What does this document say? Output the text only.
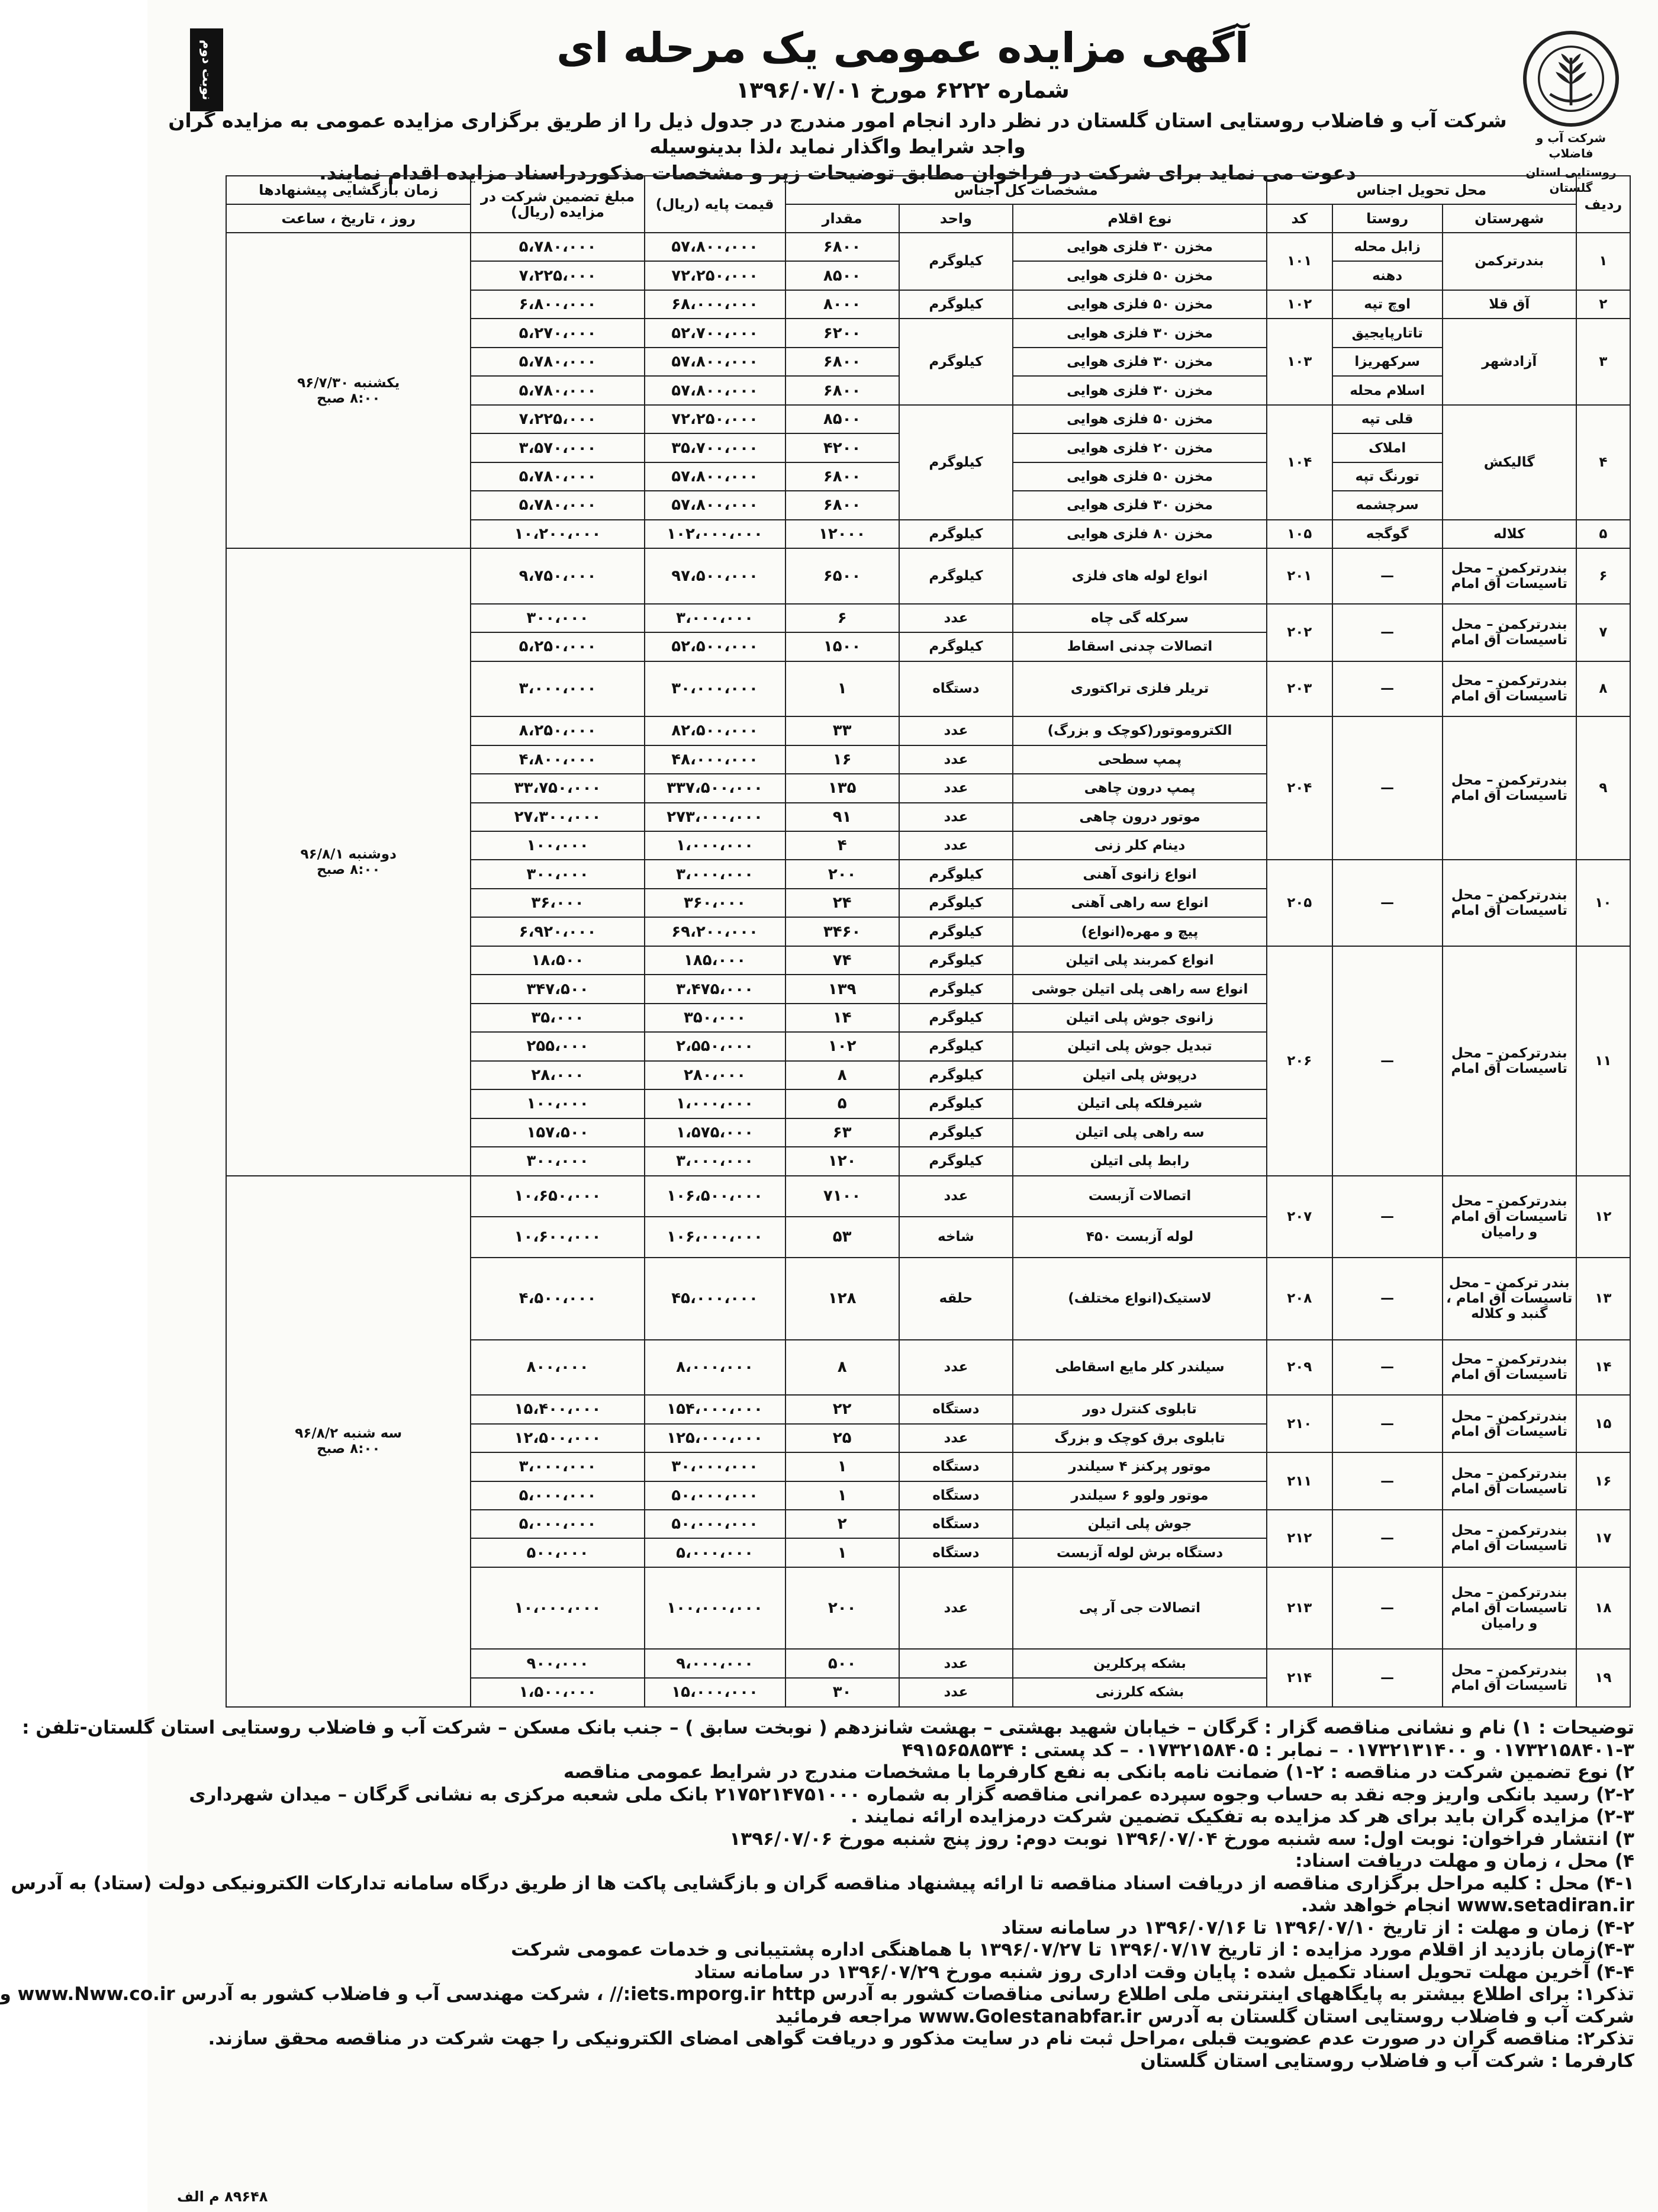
نوبت دوم
شرکت آب و فاضلاب
روستایی استان گلستان
آگهی مزایده عمومی یک مرحله ای
شماره ۶۲۲۲ مورخ ۱۳۹۶/۰۷/۰۱
شرکت آب و فاضلاب روستایی استان گلستان در نظر دارد انجام امور مندرج در جدول ذیل را از طریق برگزاری مزایده عمومی به مزایده گران واجد شرایط واگذار نماید ،لذا بدینوسیله
دعوت می نماید برای شرکت در فراخوان مطابق توضیحات زیر و مشخصات مذکوردراسناد مزایده اقدام نمایند.
ردیف	محل تحویل اجناس			مشخصات کل اجناس			قیمت پایه (ریال)	مبلغ تضمین شرکت در مزایده (ریال)	زمان بازگشایی پیشنهادها
	شهرستان	روستا	کد	نوع اقلام	واحد	مقدار			روز ، تاریخ ، ساعت
۱	بندرترکمن	زابل محله	۱۰۱	مخزن ۳۰ فلزی هوایی	کیلوگرم	۶۸۰۰	۵۷،۸۰۰،۰۰۰	۵،۷۸۰،۰۰۰	یکشنبه ۹۶/۷/۳۰
۸:۰۰ صبح

		دهنه		مخزن ۵۰ فلزی هوایی		۸۵۰۰	۷۲،۲۵۰،۰۰۰	۷،۲۲۵،۰۰۰	
۲	آق قلا	اوچ تپه	۱۰۲	مخزن ۵۰ فلزی هوایی	کیلوگرم	۸۰۰۰	۶۸،۰۰۰،۰۰۰	۶،۸۰۰،۰۰۰	
۳	آزادشهر	تاتارپایجیق	۱۰۳	مخزن ۳۰ فلزی هوایی	کیلوگرم	۶۲۰۰	۵۲،۷۰۰،۰۰۰	۵،۲۷۰،۰۰۰	
		سرکهریزا		مخزن ۳۰ فلزی هوایی		۶۸۰۰	۵۷،۸۰۰،۰۰۰	۵،۷۸۰،۰۰۰	
		اسلام محله		مخزن ۳۰ فلزی هوایی		۶۸۰۰	۵۷،۸۰۰،۰۰۰	۵،۷۸۰،۰۰۰	
۴	گالیکش	قلی تپه	۱۰۴	مخزن ۵۰ فلزی هوایی	کیلوگرم	۸۵۰۰	۷۲،۲۵۰،۰۰۰	۷،۲۲۵،۰۰۰	
		املاک		مخزن ۲۰ فلزی هوایی		۴۲۰۰	۳۵،۷۰۰،۰۰۰	۳،۵۷۰،۰۰۰	
		تورنگ تپه		مخزن ۵۰ فلزی هوایی		۶۸۰۰	۵۷،۸۰۰،۰۰۰	۵،۷۸۰،۰۰۰	
		سرچشمه		مخزن ۳۰ فلزی هوایی		۶۸۰۰	۵۷،۸۰۰،۰۰۰	۵،۷۸۰،۰۰۰	
۵	کلاله	گوگجه	۱۰۵	مخزن ۸۰ فلزی هوایی	کیلوگرم	۱۲۰۰۰	۱۰۲،۰۰۰،۰۰۰	۱۰،۲۰۰،۰۰۰	
۶	بندرترکمن – محل تاسیسات آق امام	—	۲۰۱	انواع لوله های فلزی	کیلوگرم	۶۵۰۰	۹۷،۵۰۰،۰۰۰	۹،۷۵۰،۰۰۰	دوشنبه ۹۶/۸/۱
۸:۰۰ صبح

۷	بندرترکمن – محل تاسیسات آق امام	—	۲۰۲	سرکله گی چاه	عدد	۶	۳،۰۰۰،۰۰۰	۳۰۰،۰۰۰	
				اتصالات چدنی اسقاط	کیلوگرم	۱۵۰۰	۵۲،۵۰۰،۰۰۰	۵،۲۵۰،۰۰۰	
۸	بندرترکمن – محل تاسیسات آق امام	—	۲۰۳	تریلر فلزی تراکتوری	دستگاه	۱	۳۰،۰۰۰،۰۰۰	۳،۰۰۰،۰۰۰	
۹	بندرترکمن – محل تاسیسات آق امام	—	۲۰۴	الکتروموتور(کوچک و بزرگ)	عدد	۳۳	۸۲،۵۰۰،۰۰۰	۸،۲۵۰،۰۰۰	
				پمپ سطحی	عدد	۱۶	۴۸،۰۰۰،۰۰۰	۴،۸۰۰،۰۰۰	
				پمپ درون چاهی	عدد	۱۳۵	۳۳۷،۵۰۰،۰۰۰	۳۳،۷۵۰،۰۰۰	
				موتور درون چاهی	عدد	۹۱	۲۷۳،۰۰۰،۰۰۰	۲۷،۳۰۰،۰۰۰	
				دینام کلر زنی	عدد	۴	۱،۰۰۰،۰۰۰	۱۰۰،۰۰۰	
۱۰	بندرترکمن – محل تاسیسات آق امام	—	۲۰۵	انواع زانوی آهنی	کیلوگرم	۲۰۰	۳،۰۰۰،۰۰۰	۳۰۰،۰۰۰	
				انواع سه راهی آهنی	کیلوگرم	۲۴	۳۶۰،۰۰۰	۳۶،۰۰۰	
				پیچ و مهره(انواع)	کیلوگرم	۳۴۶۰	۶۹،۲۰۰،۰۰۰	۶،۹۲۰،۰۰۰	
۱۱	بندرترکمن – محل تاسیسات آق امام	—	۲۰۶	انواع کمربند پلی اتیلن	کیلوگرم	۷۴	۱۸۵،۰۰۰	۱۸،۵۰۰	
				انواع سه راهی پلی اتیلن جوشی	کیلوگرم	۱۳۹	۳،۴۷۵،۰۰۰	۳۴۷،۵۰۰	
				زانوی جوش پلی اتیلن	کیلوگرم	۱۴	۳۵۰،۰۰۰	۳۵،۰۰۰	
				تبدیل جوش پلی اتیلن	کیلوگرم	۱۰۲	۲،۵۵۰،۰۰۰	۲۵۵،۰۰۰	
				درپوش پلی اتیلن	کیلوگرم	۸	۲۸۰،۰۰۰	۲۸،۰۰۰	
				شیرفلکه پلی اتیلن	کیلوگرم	۵	۱،۰۰۰،۰۰۰	۱۰۰،۰۰۰	
				سه راهی پلی اتیلن	کیلوگرم	۶۳	۱،۵۷۵،۰۰۰	۱۵۷،۵۰۰	
				رابط پلی اتیلن	کیلوگرم	۱۲۰	۳،۰۰۰،۰۰۰	۳۰۰،۰۰۰	
۱۲	بندرترکمن – محل تاسیسات آق امام و رامیان	—	۲۰۷	اتصالات آزبست	عدد	۷۱۰۰	۱۰۶،۵۰۰،۰۰۰	۱۰،۶۵۰،۰۰۰	سه شنبه ۹۶/۸/۲
۸:۰۰ صبح

				لوله آزبست ۴۵۰	شاخه	۵۳	۱۰۶،۰۰۰،۰۰۰	۱۰،۶۰۰،۰۰۰	
۱۳	بندر ترکمن – محل تاسیسات آق امام ، گنبد و کلاله	—	۲۰۸	لاستیک(انواع مختلف)	حلقه	۱۲۸	۴۵،۰۰۰،۰۰۰	۴،۵۰۰،۰۰۰	
۱۴	بندرترکمن – محل تاسیسات آق امام	—	۲۰۹	سیلندر کلر مایع اسقاطی	عدد	۸	۸،۰۰۰،۰۰۰	۸۰۰،۰۰۰	
۱۵	بندرترکمن – محل تاسیسات آق امام	—	۲۱۰	تابلوی کنترل دور	دستگاه	۲۲	۱۵۴،۰۰۰،۰۰۰	۱۵،۴۰۰،۰۰۰	
				تابلوی برق کوچک و بزرگ	عدد	۲۵	۱۲۵،۰۰۰،۰۰۰	۱۲،۵۰۰،۰۰۰	
۱۶	بندرترکمن – محل تاسیسات آق امام	—	۲۱۱	موتور پرکنز ۴ سیلندر	دستگاه	۱	۳۰،۰۰۰،۰۰۰	۳،۰۰۰،۰۰۰	
				موتور ولوو ۶ سیلندر	دستگاه	۱	۵۰،۰۰۰،۰۰۰	۵،۰۰۰،۰۰۰	
۱۷	بندرترکمن – محل تاسیسات آق امام	—	۲۱۲	جوش پلی اتیلن	دستگاه	۲	۵۰،۰۰۰،۰۰۰	۵،۰۰۰،۰۰۰	
				دستگاه برش لوله آزبست	دستگاه	۱	۵،۰۰۰،۰۰۰	۵۰۰،۰۰۰	
۱۸	بندرترکمن – محل تاسیسات آق امام و رامیان	—	۲۱۳	اتصالات جی آر پی	عدد	۲۰۰	۱۰۰،۰۰۰،۰۰۰	۱۰،۰۰۰،۰۰۰	
۱۹	بندرترکمن – محل تاسیسات آق امام	—	۲۱۴	بشکه پرکلرین	عدد	۵۰۰	۹،۰۰۰،۰۰۰	۹۰۰،۰۰۰	
				بشکه کلرزنی	عدد	۳۰	۱۵،۰۰۰،۰۰۰	۱،۵۰۰،۰۰۰	
توضیحات : ۱) نام و نشانی مناقصه گزار : گرگان – خیابان شهید بهشتی – بهشت شانزدهم ( نوبخت سابق ) – جنب بانک مسکن – شرکت آب و فاضلاب روستایی استان گلستان-تلفن :
۰۱۷۳۲۱۵۸۴۰۱-۳ و ۰۱۷۳۲۱۳۱۴۰۰ – نمابر : ۰۱۷۳۲۱۵۸۴۰۵ – کد پستی : ۴۹۱۵۶۵۸۵۳۴
۲) نوع تضمین شرکت در مناقصه : ۲-۱) ضمانت نامه بانکی به نفع کارفرما با مشخصات مندرج در شرایط عمومی مناقصه
۲-۲) رسید بانکی واریز وجه نقد به حساب وجوه سپرده عمرانی مناقصه گزار به شماره ۲۱۷۵۲۱۴۷۵۱۰۰۰ بانک ملی شعبه مرکزی به نشانی گرگان – میدان شهرداری
۲-۳) مزایده گران باید برای هر کد مزایده به تفکیک تضمین شرکت درمزایده ارائه نمایند .
۳) انتشار فراخوان: نوبت اول: سه شنبه مورخ ۱۳۹۶/۰۷/۰۴ نوبت دوم: روز پنج شنبه مورخ ۱۳۹۶/۰۷/۰۶
۴) محل ، زمان و مهلت دریافت اسناد:
۴-۱) محل : کلیه مراحل برگزاری مناقصه از دریافت اسناد مناقصه تا ارائه پیشنهاد مناقصه گران و بازگشایی پاکت ها از طریق درگاه سامانه تدارکات الکترونیکی دولت (ستاد) به آدرس
www.setadiran.ir انجام خواهد شد.
۴-۲) زمان و مهلت : از تاریخ ۱۳۹۶/۰۷/۱۰ تا ۱۳۹۶/۰۷/۱۶ در سامانه ستاد
۴-۳)زمان بازدید از اقلام مورد مزایده : از تاریخ ۱۳۹۶/۰۷/۱۷ تا ۱۳۹۶/۰۷/۲۷ با هماهنگی اداره پشتیبانی و خدمات عمومی شرکت
۴-۴) آخرین مهلت تحویل اسناد تکمیل شده : پایان وقت اداری روز شنبه مورخ ۱۳۹۶/۰۷/۲۹ در سامانه ستاد
تذکر۱: برای اطلاع بیشتر به پایگاههای اینترنتی ملی اطلاع رسانی مناقصات کشور به آدرس iets.mporg.ir http:// ، شرکت مهندسی آب و فاضلاب کشور به آدرس www.Nww.co.ir و
شرکت آب و فاضلاب روستایی استان گلستان به آدرس www.Golestanabfar.ir مراجعه فرمائید
تذکر۲: مناقصه گران در صورت عدم عضویت قبلی ،مراحل ثبت نام در سایت مذکور و دریافت گواهی امضای الکترونیکی را جهت شرکت در مناقصه محقق سازند.
کارفرما : شرکت آب و فاضلاب روستایی استان گلستان
۸۹۶۴۸ م الف
